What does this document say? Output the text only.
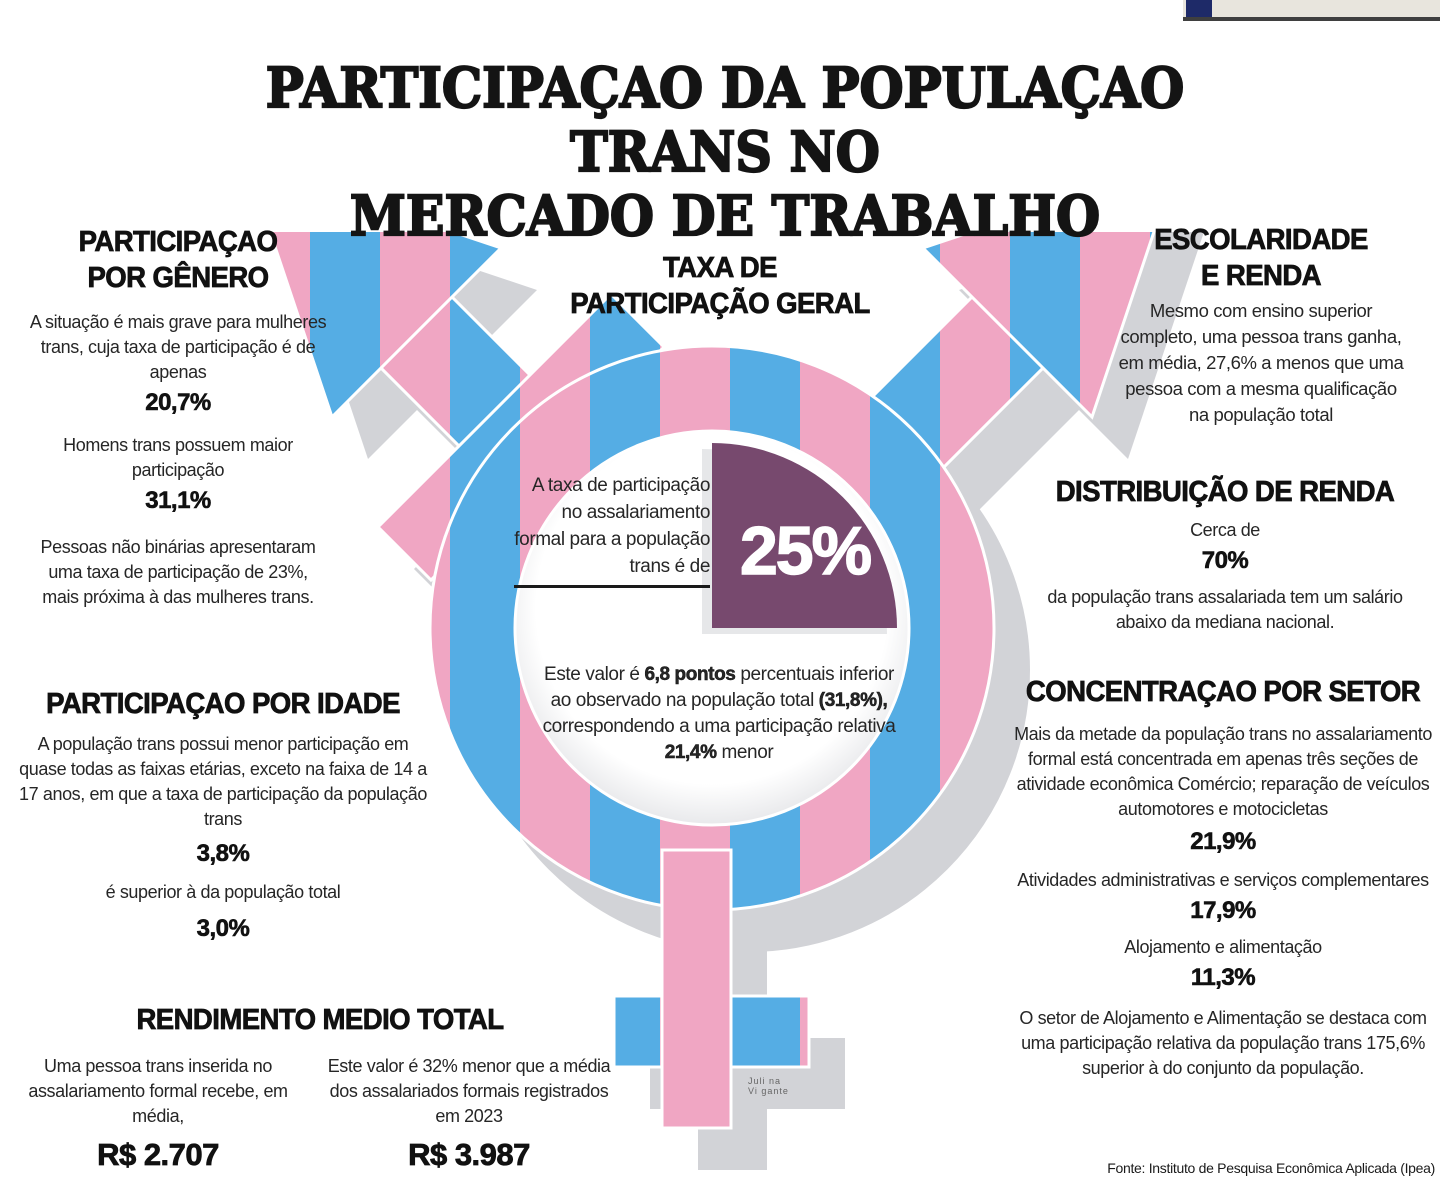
PARTICIPAÇAO DA POPULAÇAO TRANS NO
MERCADO DE TRABALHO
PARTICIPAÇAO
POR GÊNERO
A situação é mais grave para mulheres trans, cuja taxa de participação é de apenas
20,7%
Homens trans possuem maior participação
31,1%
Pessoas não binárias apresentaram uma taxa de participação de 23%, mais próxima à das mulheres trans.
PARTICIPAÇAO POR IDADE
A população trans possui menor participação em quase todas as faixas etárias, exceto na faixa de 14 a 17 anos, em que a taxa de participação da população trans
3,8%
é superior à da população total
3,0%
RENDIMENTO MEDIO TOTAL
Uma pessoa trans inserida no assalariamento formal recebe, em média,
R$ 2.707
Este valor é 32% menor que a média dos assalariados formais registrados em 2023
R$ 3.987
TAXA DE
PARTICIPAÇÃO GERAL
A taxa de participação no assalariamento formal para a população trans é de 25%
Este valor é 6,8 pontos percentuais inferior ao observado na população total (31,8%), correspondendo a uma participação relativa 21,4% menor
ESCOLARIDADE
E RENDA
Mesmo com ensino superior completo, uma pessoa trans ganha, em média, 27,6% a menos que uma pessoa com a mesma qualificação na população total
DISTRIBUIÇÃO DE RENDA
Cerca de
70%
da população trans assalariada tem um salário abaixo da mediana nacional.
CONCENTRAÇAO POR SETOR
Mais da metade da população trans no assalariamento formal está concentrada em apenas três seções de atividade econômica Comércio; reparação de veículos automotores e motocicletas
21,9%
Atividades administrativas e serviços complementares
17,9%
Alojamento e alimentação
11,3%
O setor de Alojamento e Alimentação se destaca com uma participação relativa da população trans 175,6% superior à do conjunto da população.
Juli na
Vi gante
Fonte: Instituto de Pesquisa Econômica Aplicada (Ipea)
